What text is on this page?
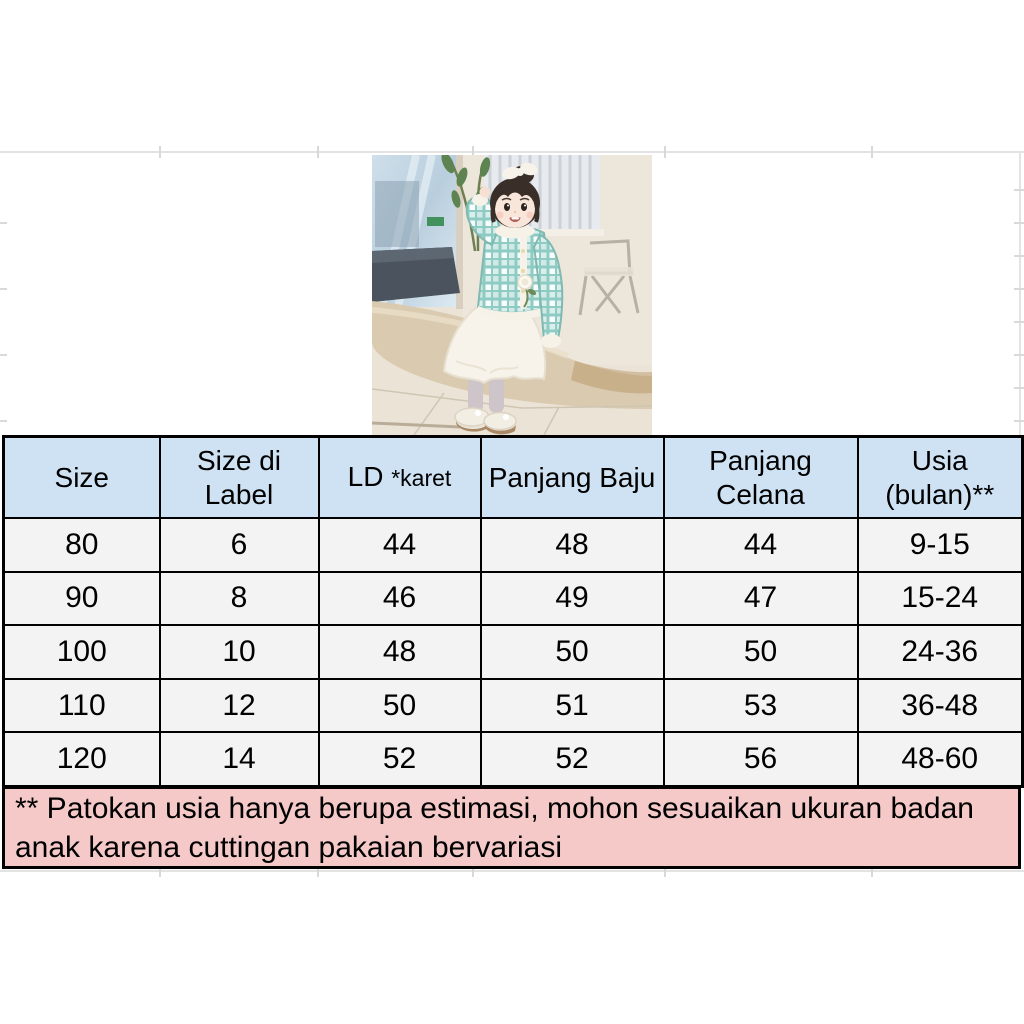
Size	Size di Label	LD *karet	Panjang Baju	Panjang Celana	Usia (bulan)**
80	6	44	48	44	9-15
90	8	46	49	47	15-24
100	10	48	50	50	24-36
110	12	50	51	53	36-48
120	14	52	52	56	48-60
** Patokan usia hanya berupa estimasi, mohon sesuaikan ukuran badan anak karena cuttingan pakaian bervariasi
